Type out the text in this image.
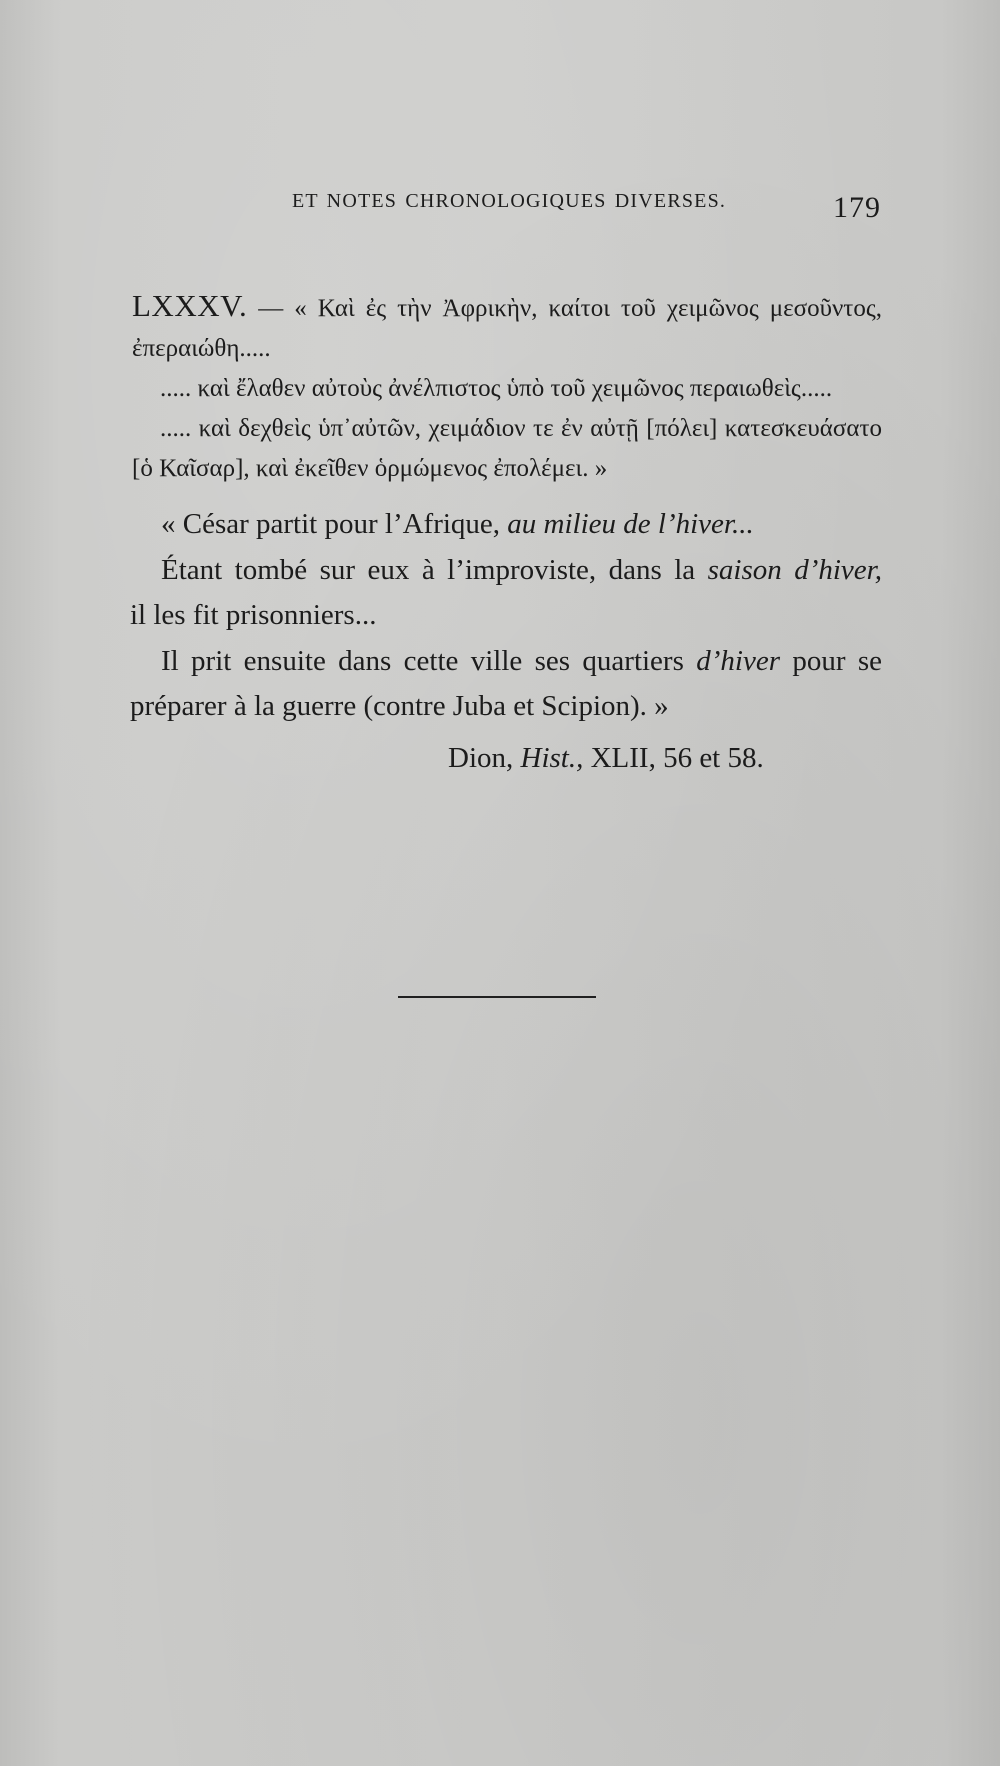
ET NOTES CHRONOLOGIQUES DIVERSES.	179

LXXXV. — « Καὶ ἐς τὴν Ἀφρικὴν, καίτοι τοῦ χειμῶνος μεσοῦντος,

ἐπεραιώθη.....

..... καὶ ἔλαθεν αὐτοὺς ἀνέλπιστος ὑπὸ τοῦ χειμῶνος περαιωθεὶς.....

..... καὶ δεχθεὶς ὑπ᾽αὐτῶν, χειμάδιον τε ἐν αὐτῇ [πόλει] κατεσκευάσατο

[ὁ Καῖσαρ], καὶ ἐκεῖθεν ὁρμώμενος ἐπολέμει. »

« César partit pour l’Afrique, au milieu de l’hiver...

Étant tombé sur eux à l’improviste, dans la saison d’hiver,

il les fit prisonniers...

Il prit ensuite dans cette ville ses quartiers d’hiver pour se

préparer à la guerre (contre Juba et Scipion). »

Dion, Hist., XLII, 56 et 58.
